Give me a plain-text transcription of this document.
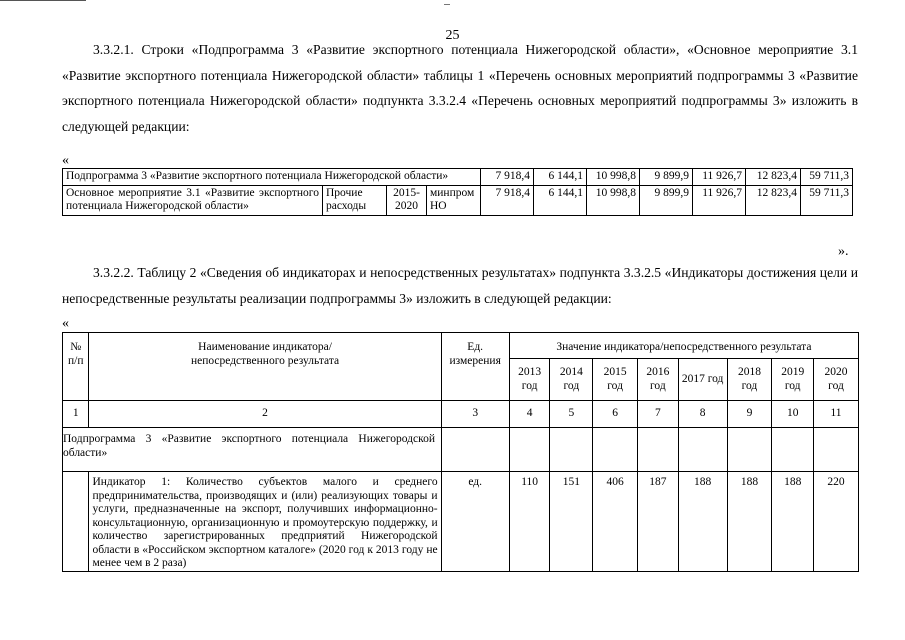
25
3.3.2.1. Строки «Подпрограмма 3 «Развитие экспортного потенциала Нижегородской области», «Основное мероприятие 3.1 «Развитие экспортного потенциала Нижегородской области» таблицы 1 «Перечень основных мероприятий подпрограммы 3 «Развитие экспортного потенциала Нижегородской области» подпункта 3.3.2.4 «Перечень основных мероприятий подпрограммы 3» изложить в следующей редакции:
«
Подпрограмма 3 «Развитие экспортного потенциала Нижегородской области»				7 918,4	6 144,1	10 998,8	9 899,9	11 926,7	12 823,4	59 711,3
Основное мероприятие 3.1 «Развитие экспортного потенциала Нижегородской области»	Прочие расходы	2015-2020	минпром НО	7 918,4	6 144,1	10 998,8	9 899,9	11 926,7	12 823,4	59 711,3
».
3.3.2.2. Таблицу 2 «Сведения об индикаторах и непосредственных результатах» подпункта 3.3.2.5 «Индикаторы достижения цели и непосредственные результаты реализации подпрограммы 3» изложить в следующей редакции:
«
№ п/п	Наименование индикатора/ непосредственного результата	Ед. измерения	Значение индикатора/непосредственного результата							
			2013 год	2014 год	2015 год	2016 год	2017 год	2018 год	2019 год	2020 год
1	2	3	4	5	6	7	8	9	10	11

Подпрограмма 3 «Развитие экспортного потенциала Нижегородской области»										

	Индикатор 1: Количество субъектов малого и среднего предпринимательства, производящих и (или) реализующих товары и услуги, предназначенные на экспорт, получивших информационно-консультационную, организационную и промоутерскую поддержку, и количество зарегистрированных предприятий Нижегородской области в «Российском экспортном каталоге» (2020 год к 2013 году не менее чем в 2 раза)	ед.	110	151	406	187	188	188	188	220
